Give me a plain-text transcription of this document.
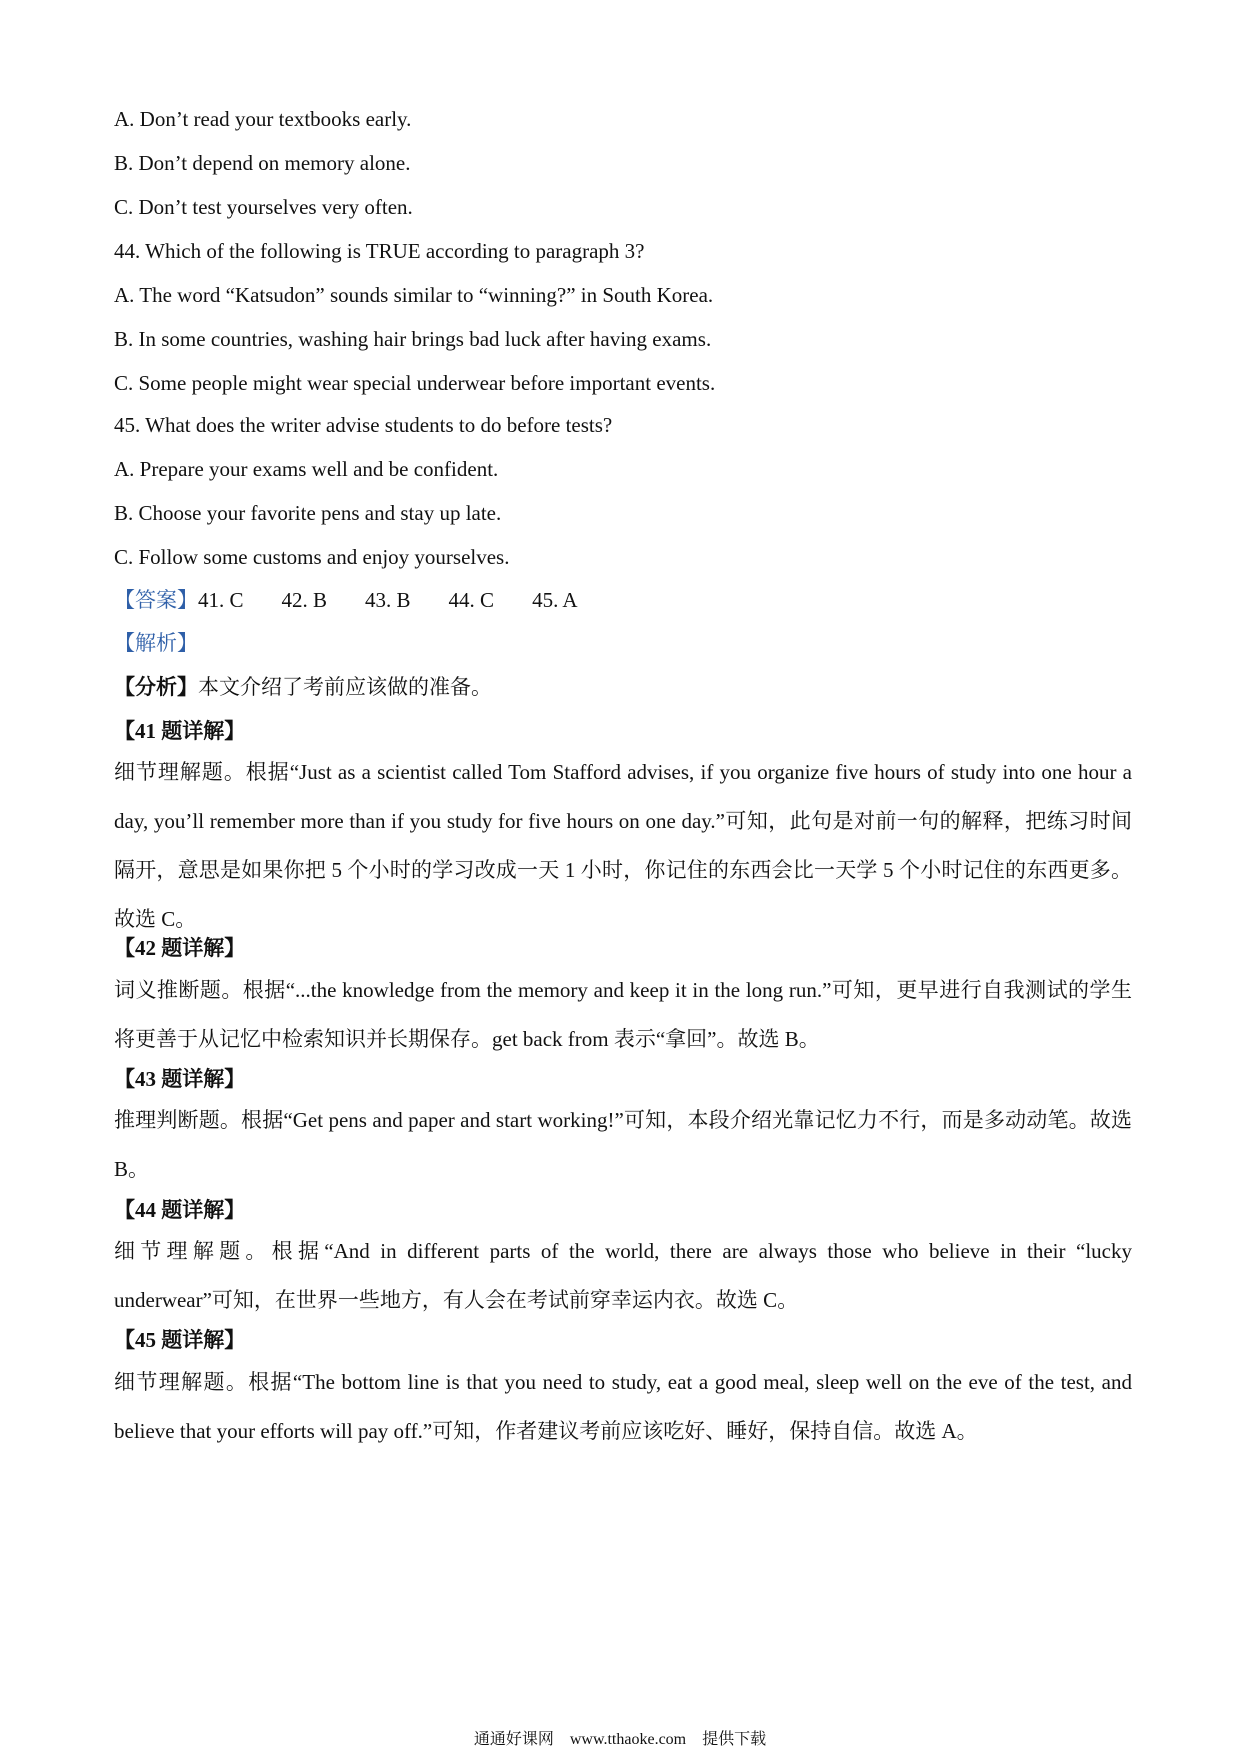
A. Don’t read your textbooks early.
B. Don’t depend on memory alone.
C. Don’t test yourselves very often.
44. Which of the following is TRUE according to paragraph 3?
A. The word “Katsudon” sounds similar to “winning?” in South Korea.
B. In some countries, washing hair brings bad luck after having exams.
C. Some people might wear special underwear before important events.
45. What does the writer advise students to do before tests?
A. Prepare your exams well and be confident.
B. Choose your favorite pens and stay up late.
C. Follow some customs and enjoy yourselves.
【答案】41. C 42. B 43. B 44. C 45. A
【解析】
【分析】本文介绍了考前应该做的准备。
【41 题详解】
细节理解题。根据“Just as a scientist called Tom Stafford advises, if you organize five hours of study into one hour a day, you’ll remember more than if you study for five hours on one day.”可知，此句是对前一句的解释，把练习时间隔开，意思是如果你把 5 个小时的学习改成一天 1 小时，你记住的东西会比一天学 5 个小时记住的东西更多。故选 C。
【42 题详解】
词义推断题。根据“...the knowledge from the memory and keep it in the long run.”可知，更早进行自我测试的学生将更善于从记忆中检索知识并长期保存。get back from 表示“拿回”。故选 B。
【43 题详解】
推理判断题。根据“Get pens and paper and start working!”可知，本段介绍光靠记忆力不行，而是多动动笔。故选 B。
【44 题详解】
细节理解题。根据“And in different parts of the world, there are always those who believe in their “lucky underwear”可知，在世界一些地方，有人会在考试前穿幸运内衣。故选 C。
【45 题详解】
细节理解题。根据“The bottom line is that you need to study, eat a good meal, sleep well on the eve of the test, and believe that your efforts will pay off.”可知，作者建议考前应该吃好、睡好，保持自信。故选 A。
通通好课网 www.tthaoke.com 提供下载
